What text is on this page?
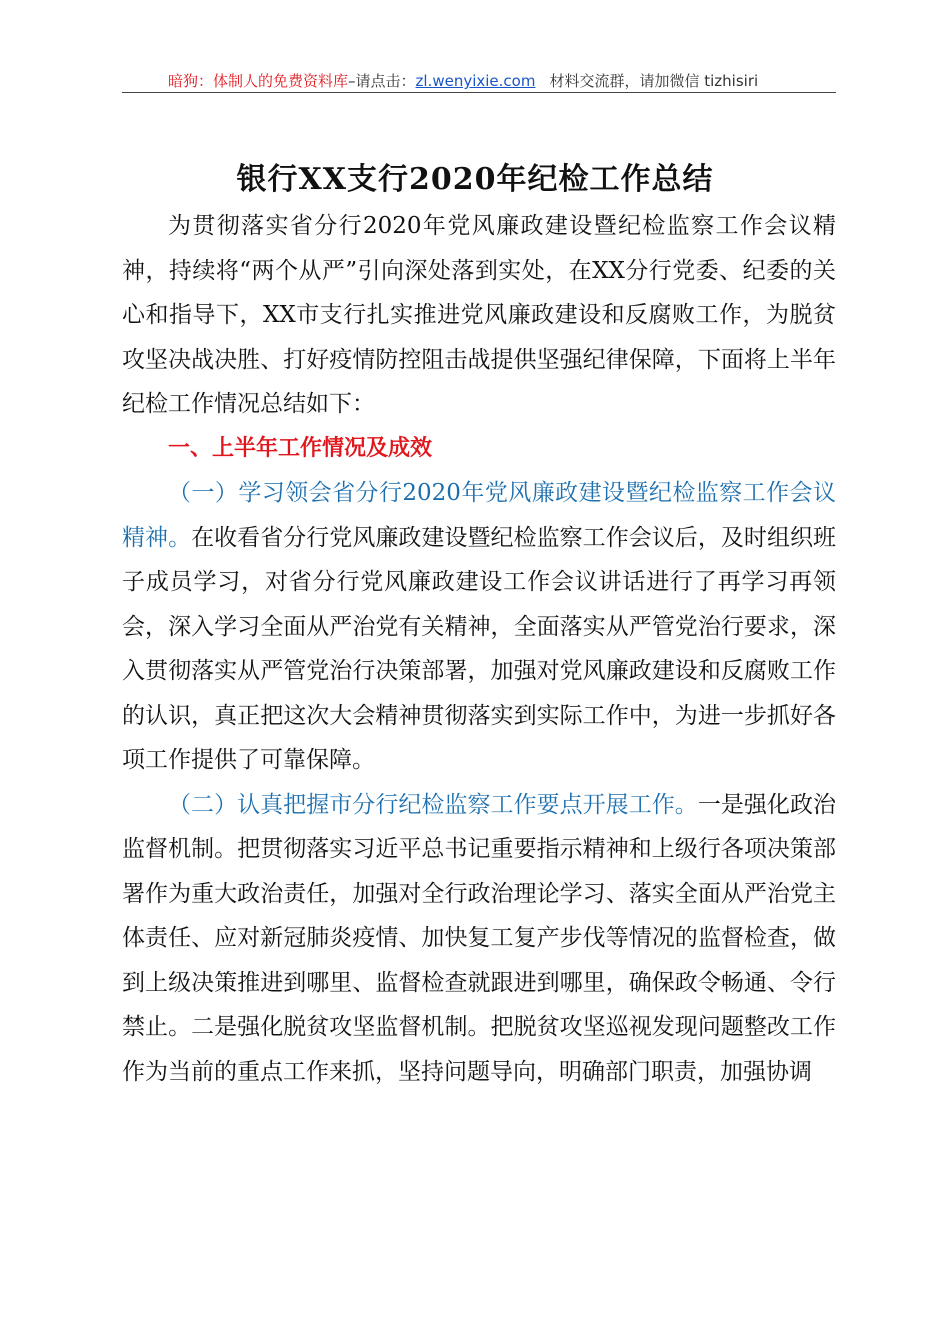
暗狗：体制人的免费资料库–请点击：zl.wenyixie.com 材料交流群，请加微信 tizhisiri
银行XX支行2020年纪检工作总结

为贯彻落实省分行2020年党风廉政建设暨纪检监察工作会议精神，持续将“两个从严”引向深处落到实处，在XX分行党委、纪委的关心和指导下，XX市支行扎实推进党风廉政建设和反腐败工作，为脱贫攻坚决战决胜、打好疫情防控阻击战提供坚强纪律保障，下面将上半年纪检工作情况总结如下：

一、上半年工作情况及成效

（一）学习领会省分行2020年党风廉政建设暨纪检监察工作会议精神。在收看省分行党风廉政建设暨纪检监察工作会议后，及时组织班子成员学习，对省分行党风廉政建设工作会议讲话进行了再学习再领会，深入学习全面从严治党有关精神，全面落实从严管党治行要求，深入贯彻落实从严管党治行决策部署，加强对党风廉政建设和反腐败工作的认识，真正把这次大会精神贯彻落实到实际工作中，为进一步抓好各项工作提供了可靠保障。

（二）认真把握市分行纪检监察工作要点开展工作。一是强化政治监督机制。把贯彻落实习近平总书记重要指示精神和上级行各项决策部署作为重大政治责任，加强对全行政治理论学习、落实全面从严治党主体责任、应对新冠肺炎疫情、加快复工复产步伐等情况的监督检查，做到上级决策推进到哪里、监督检查就跟进到哪里，确保政令畅通、令行禁止。二是强化脱贫攻坚监督机制。把脱贫攻坚巡视发现问题整改工作作为当前的重点工作来抓，坚持问题导向，明确部门职责，加强协调
